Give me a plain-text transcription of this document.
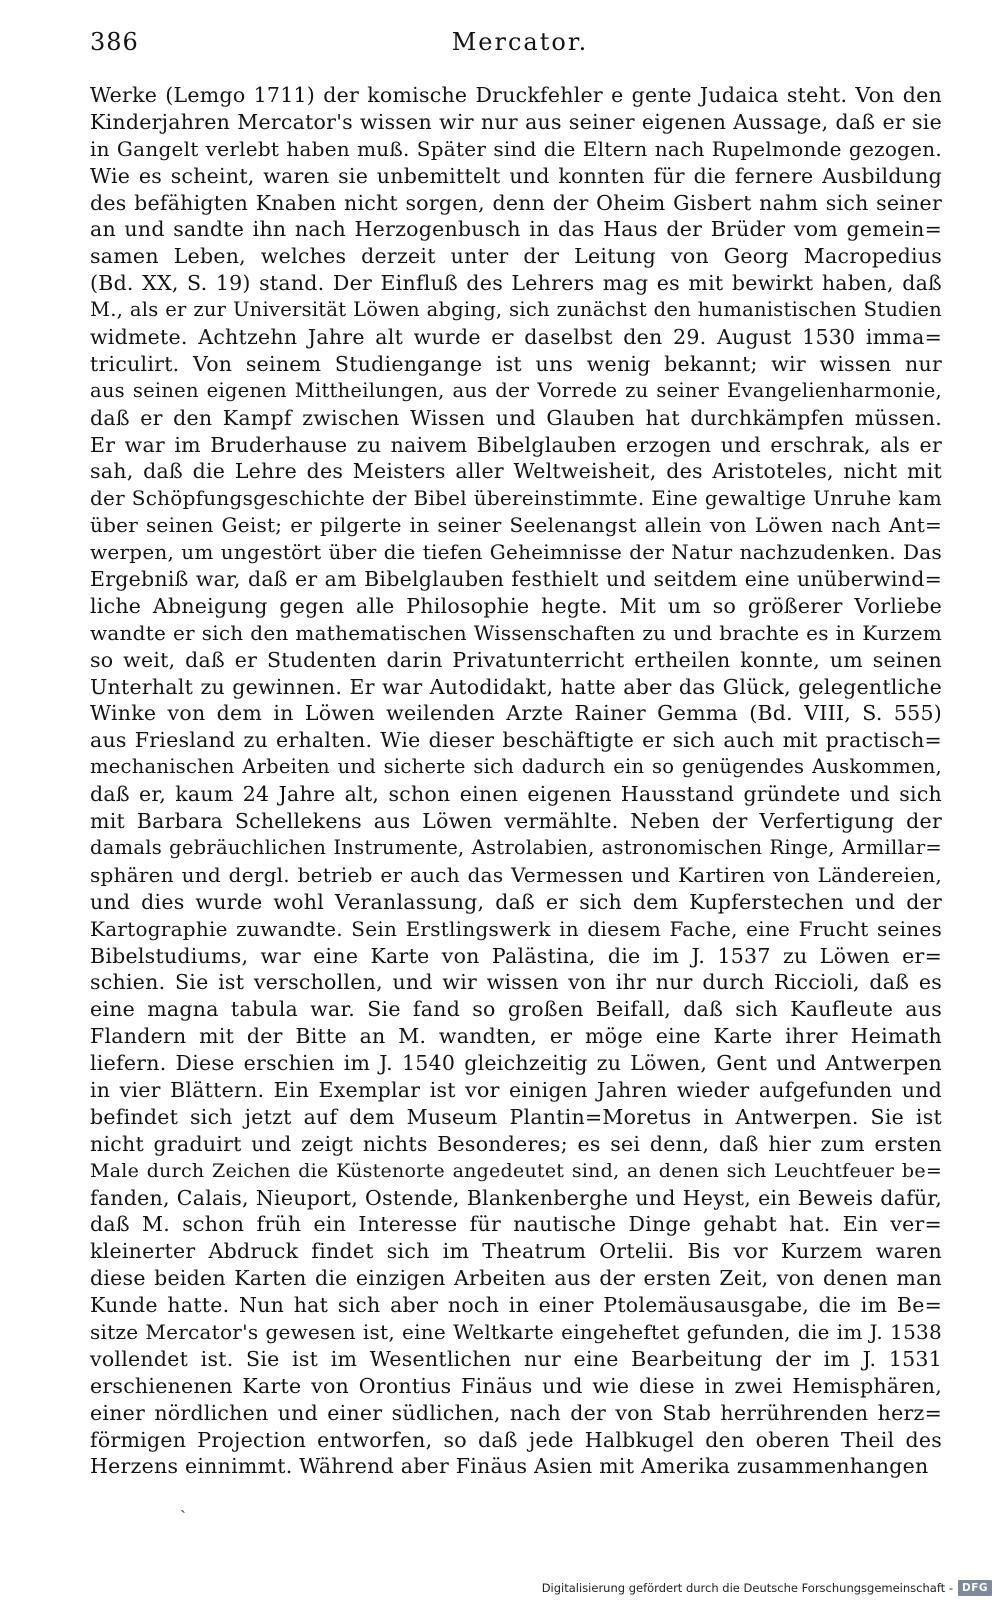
386	Mercator.
Werke (Lemgo 1711) der komische Druckfehler e gente Judaica steht. Von den
Kinderjahren Mercator's wissen wir nur aus seiner eigenen Aussage, daß er sie
in Gangelt verlebt haben muß. Später sind die Eltern nach Rupelmonde gezogen.
Wie es scheint, waren sie unbemittelt und konnten für die fernere Ausbildung
des befähigten Knaben nicht sorgen, denn der Oheim Gisbert nahm sich seiner
an und sandte ihn nach Herzogenbusch in das Haus der Brüder vom gemein=
samen Leben, welches derzeit unter der Leitung von Georg Macropedius
(Bd. XX, S. 19) stand. Der Einfluß des Lehrers mag es mit bewirkt haben, daß
M., als er zur Universität Löwen abging, sich zunächst den humanistischen Studien
widmete. Achtzehn Jahre alt wurde er daselbst den 29. August 1530 imma=
triculirt. Von seinem Studiengange ist uns wenig bekannt; wir wissen nur
aus seinen eigenen Mittheilungen, aus der Vorrede zu seiner Evangelienharmonie,
daß er den Kampf zwischen Wissen und Glauben hat durchkämpfen müssen.
Er war im Bruderhause zu naivem Bibelglauben erzogen und erschrak, als er
sah, daß die Lehre des Meisters aller Weltweisheit, des Aristoteles, nicht mit
der Schöpfungsgeschichte der Bibel übereinstimmte. Eine gewaltige Unruhe kam
über seinen Geist; er pilgerte in seiner Seelenangst allein von Löwen nach Ant=
werpen, um ungestört über die tiefen Geheimnisse der Natur nachzudenken. Das
Ergebniß war, daß er am Bibelglauben festhielt und seitdem eine unüberwind=
liche Abneigung gegen alle Philosophie hegte. Mit um so größerer Vorliebe
wandte er sich den mathematischen Wissenschaften zu und brachte es in Kurzem
so weit, daß er Studenten darin Privatunterricht ertheilen konnte, um seinen
Unterhalt zu gewinnen. Er war Autodidakt, hatte aber das Glück, gelegentliche
Winke von dem in Löwen weilenden Arzte Rainer Gemma (Bd. VIII, S. 555)
aus Friesland zu erhalten. Wie dieser beschäftigte er sich auch mit practisch=
mechanischen Arbeiten und sicherte sich dadurch ein so genügendes Auskommen,
daß er, kaum 24 Jahre alt, schon einen eigenen Hausstand gründete und sich
mit Barbara Schellekens aus Löwen vermählte. Neben der Verfertigung der
damals gebräuchlichen Instrumente, Astrolabien, astronomischen Ringe, Armillar=
sphären und dergl. betrieb er auch das Vermessen und Kartiren von Ländereien,
und dies wurde wohl Veranlassung, daß er sich dem Kupferstechen und der
Kartographie zuwandte. Sein Erstlingswerk in diesem Fache, eine Frucht seines
Bibelstudiums, war eine Karte von Palästina, die im J. 1537 zu Löwen er=
schien. Sie ist verschollen, und wir wissen von ihr nur durch Riccioli, daß es
eine magna tabula war. Sie fand so großen Beifall, daß sich Kaufleute aus
Flandern mit der Bitte an M. wandten, er möge eine Karte ihrer Heimath
liefern. Diese erschien im J. 1540 gleichzeitig zu Löwen, Gent und Antwerpen
in vier Blättern. Ein Exemplar ist vor einigen Jahren wieder aufgefunden und
befindet sich jetzt auf dem Museum Plantin=Moretus in Antwerpen. Sie ist
nicht graduirt und zeigt nichts Besonderes; es sei denn, daß hier zum ersten
Male durch Zeichen die Küstenorte angedeutet sind, an denen sich Leuchtfeuer be=
fanden, Calais, Nieuport, Ostende, Blankenberghe und Heyst, ein Beweis dafür,
daß M. schon früh ein Interesse für nautische Dinge gehabt hat. Ein ver=
kleinerter Abdruck findet sich im Theatrum Ortelii. Bis vor Kurzem waren
diese beiden Karten die einzigen Arbeiten aus der ersten Zeit, von denen man
Kunde hatte. Nun hat sich aber noch in einer Ptolemäusausgabe, die im Be=
sitze Mercator's gewesen ist, eine Weltkarte eingeheftet gefunden, die im J. 1538
vollendet ist. Sie ist im Wesentlichen nur eine Bearbeitung der im J. 1531
erschienenen Karte von Orontius Finäus und wie diese in zwei Hemisphären,
einer nördlichen und einer südlichen, nach der von Stab herrührenden herz=
förmigen Projection entworfen, so daß jede Halbkugel den oberen Theil des
Herzens einnimmt. Während aber Finäus Asien mit Amerika zusammenhangen
ˎ
Digitalisierung gefördert durch die Deutsche Forschungsgemeinschaft - DFG
